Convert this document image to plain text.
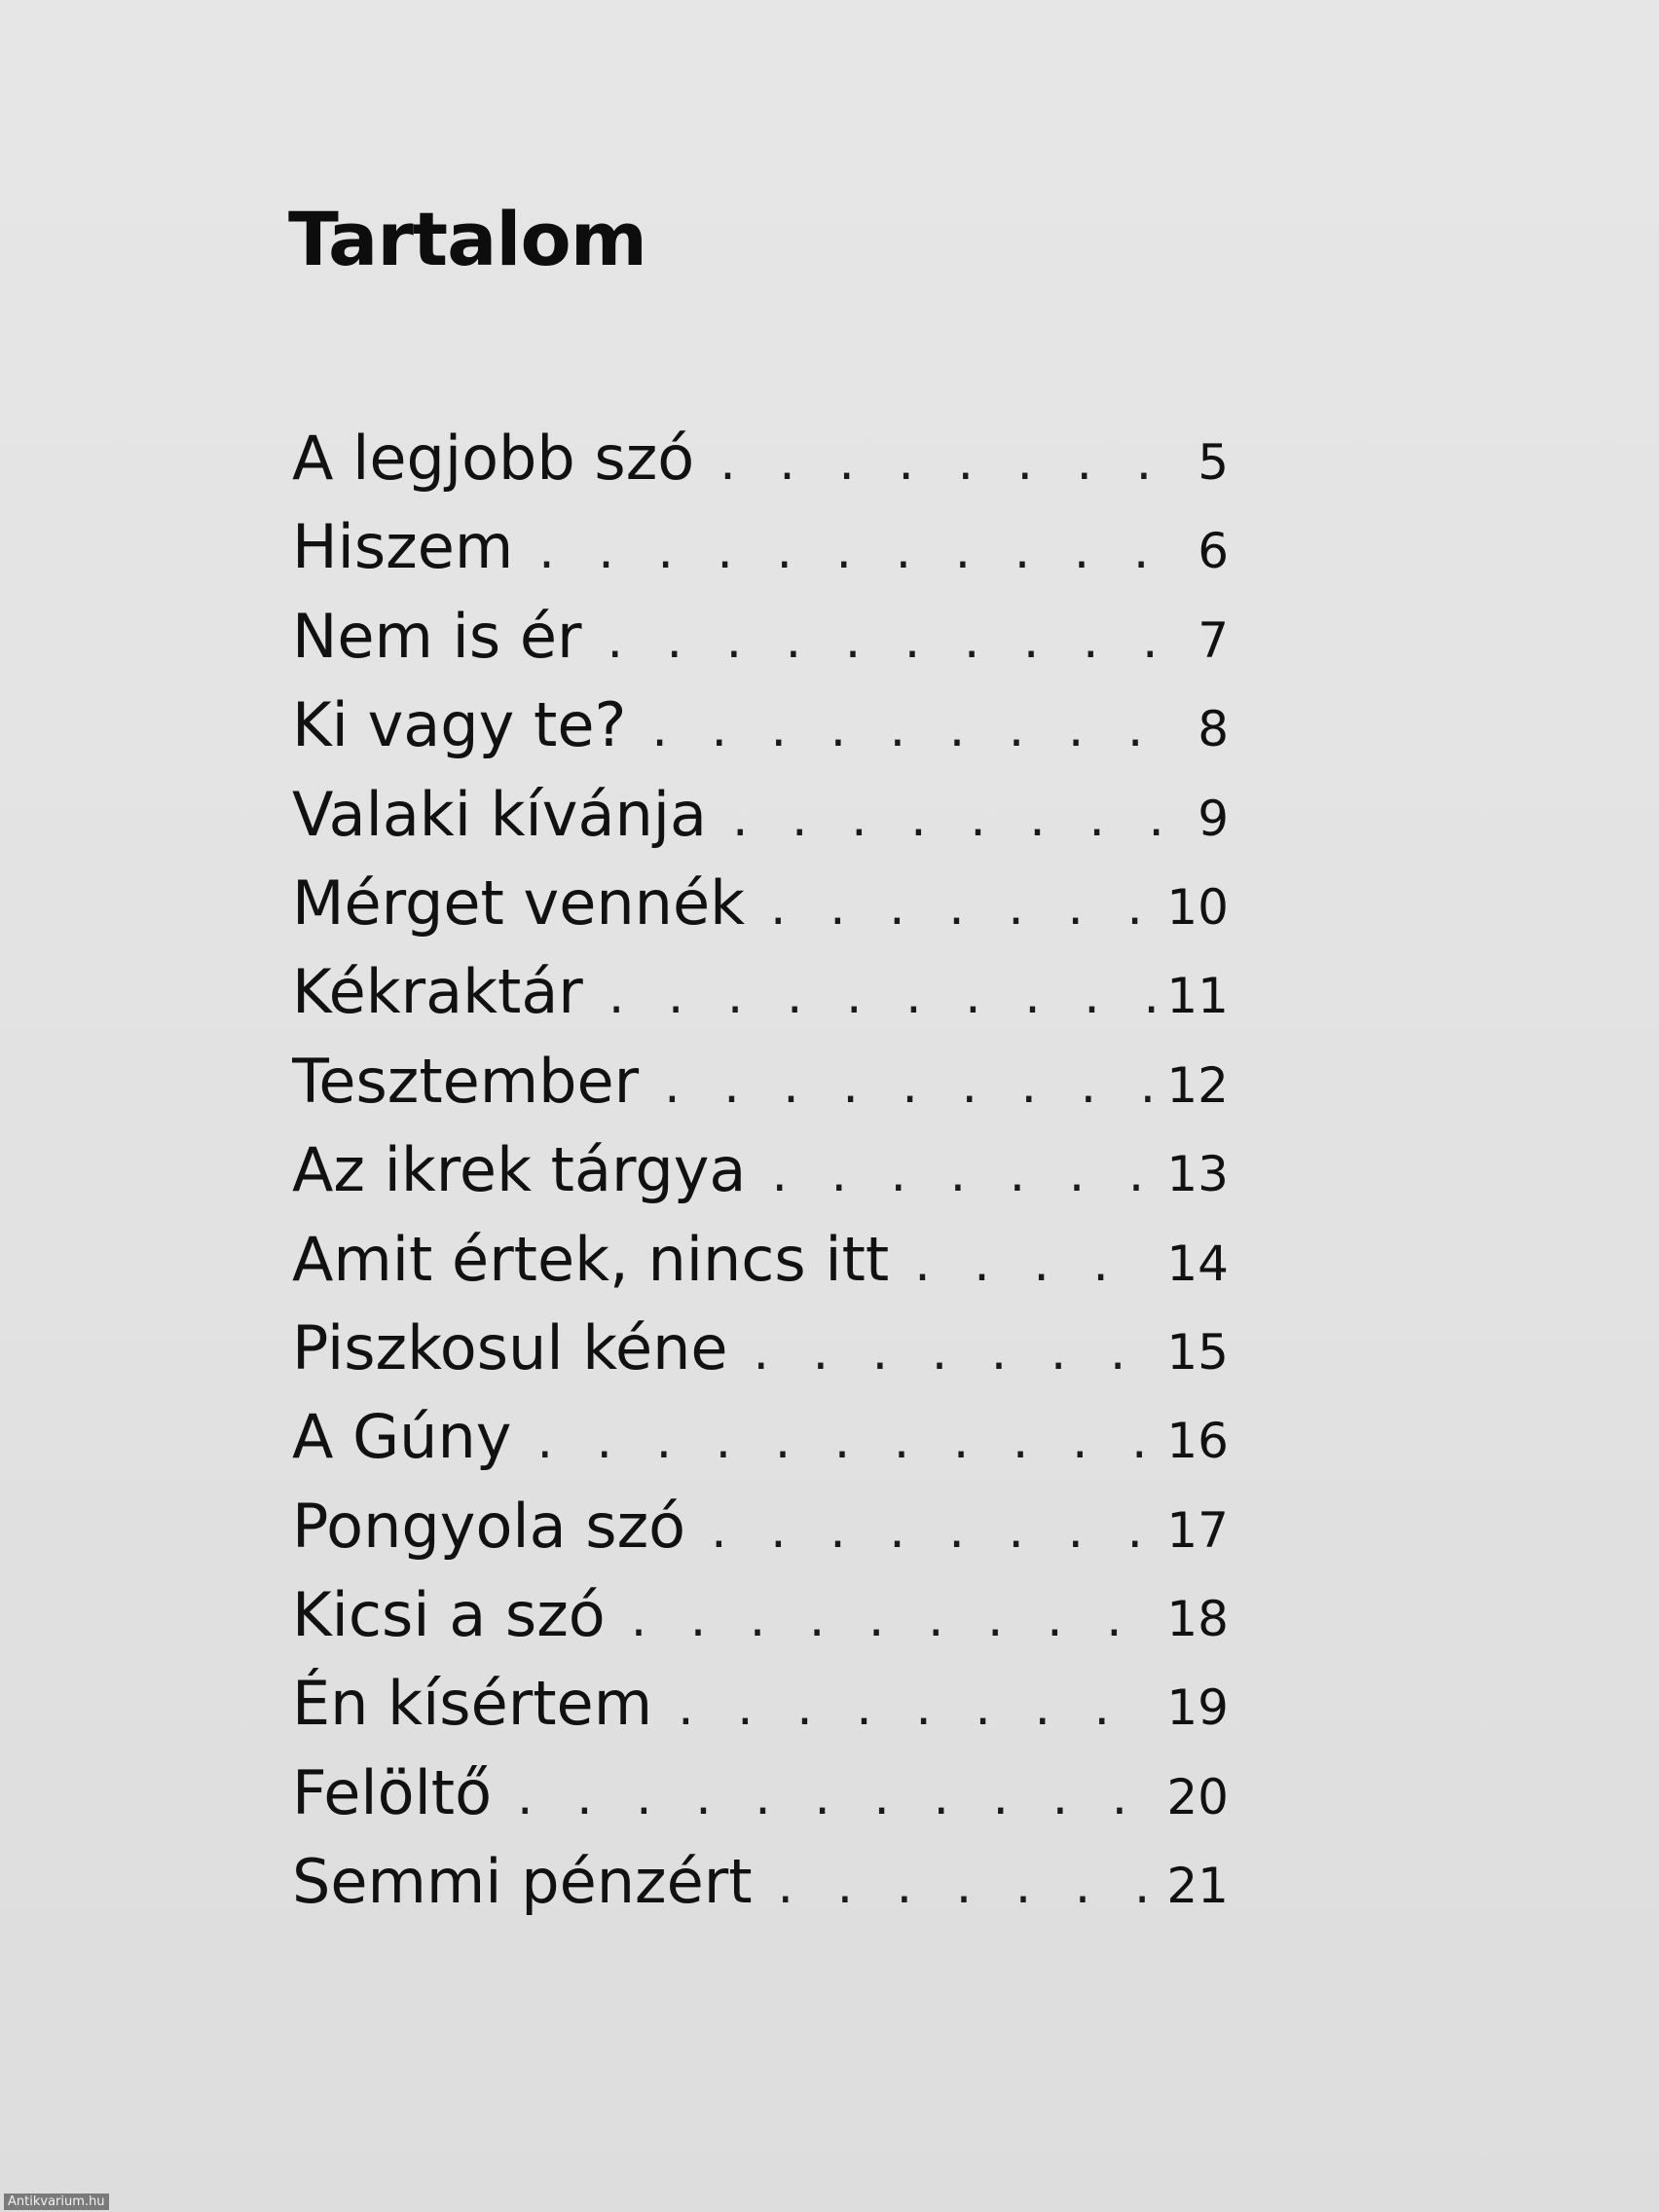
Tartalom
A legjobb szó . . .	5
Hiszem . . .	6
Nem is ér . . .	7
Ki vagy te? . . .	8
Valaki kívánja . . .	9
Mérget vennék . . .	10
Kékraktár . . .	11
Tesztember . . .	12
Az ikrek tárgya . . .	13
Amit értek, nincs itt . . .	14
Piszkosul kéne . . .	15
A Gúny . . .	16
Pongyola szó . . .	17
Kicsi a szó . . .	18
Én kísértem . . .	19
Felöltő . . .	20
Semmi pénzért . . .	21
Antikvarium.hu
